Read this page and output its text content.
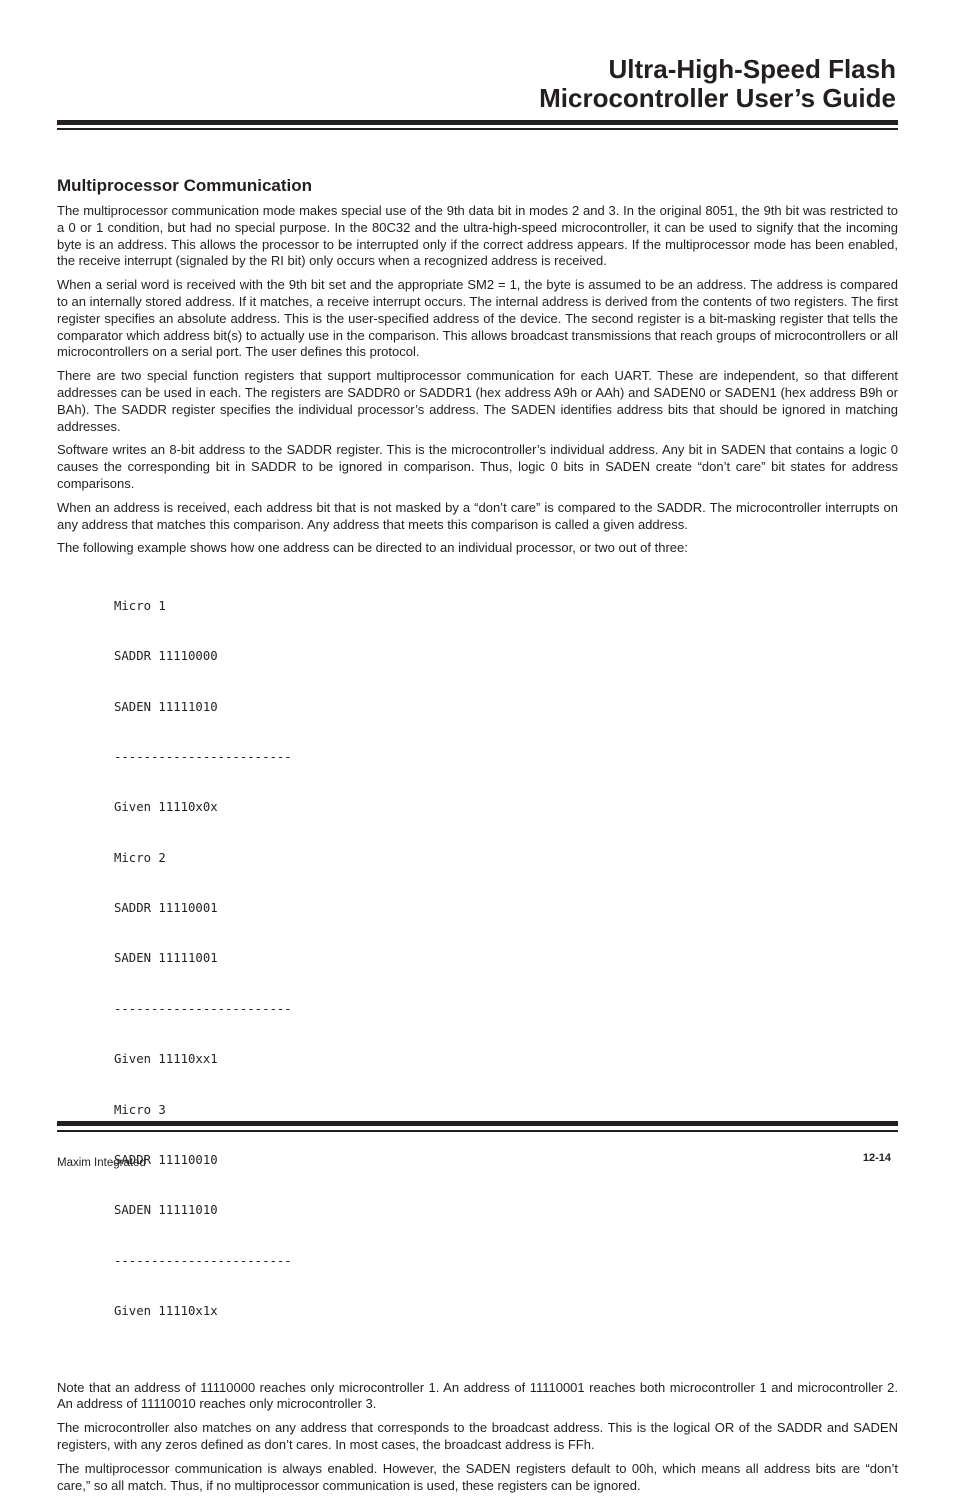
Ultra-High-Speed Flash
Microcontroller User’s Guide
Multiprocessor Communication

The multiprocessor communication mode makes special use of the 9th data bit in modes 2 and 3. In the original 8051, the 9th bit was restricted to a 0 or 1 condition, but had no special purpose. In the 80C32 and the ultra-high-speed microcontroller, it can be used to signify that the incoming byte is an address. This allows the processor to be interrupted only if the correct address appears. If the multiprocessor mode has been enabled, the receive interrupt (signaled by the RI bit) only occurs when a recognized address is received.

When a serial word is received with the 9th bit set and the appropriate SM2 = 1, the byte is assumed to be an address. The address is compared to an internally stored address. If it matches, a receive interrupt occurs. The internal address is derived from the contents of two registers. The first register specifies an absolute address. This is the user-specified address of the device. The second register is a bit-masking register that tells the comparator which address bit(s) to actually use in the comparison. This allows broadcast transmissions that reach groups of microcontrollers or all microcontrollers on a serial port. The user defines this protocol.

There are two special function registers that support multiprocessor communication for each UART. These are independent, so that different addresses can be used in each. The registers are SADDR0 or SADDR1 (hex address A9h or AAh) and SADEN0 or SADEN1 (hex address B9h or BAh). The SADDR register specifies the individual processor’s address. The SADEN identifies address bits that should be ignored in matching addresses.

Software writes an 8-bit address to the SADDR register. This is the microcontroller’s individual address. Any bit in SADEN that contains a logic 0 causes the corresponding bit in SADDR to be ignored in comparison. Thus, logic 0 bits in SADEN create “don’t care” bit states for address comparisons.

When an address is received, each address bit that is not masked by a “don’t care” is compared to the SADDR. The microcontroller interrupts on any address that matches this comparison. Any address that meets this comparison is called a given address.

The following example shows how one address can be directed to an individual processor, or two out of three:

Micro 1

SADDR 11110000

SADEN 11111010

------------------------

Given 11110x0x

Micro 2

SADDR 11110001

SADEN 11111001

------------------------

Given 11110xx1

Micro 3

SADDR 11110010

SADEN 11111010

------------------------

Given 11110x1x

Note that an address of 11110000 reaches only microcontroller 1. An address of 11110001 reaches both microcontroller 1 and microcontroller 2. An address of 11110010 reaches only microcontroller 3.

The microcontroller also matches on any address that corresponds to the broadcast address. This is the logical OR of the SADDR and SADEN registers, with any zeros defined as don’t cares. In most cases, the broadcast address is FFh.

The multiprocessor communication is always enabled. However, the SADEN registers default to 00h, which means all address bits are “don’t care,” so all match. Thus, if no multiprocessor communication is used, these registers can be ignored.

Maxim Integrated	12-14
